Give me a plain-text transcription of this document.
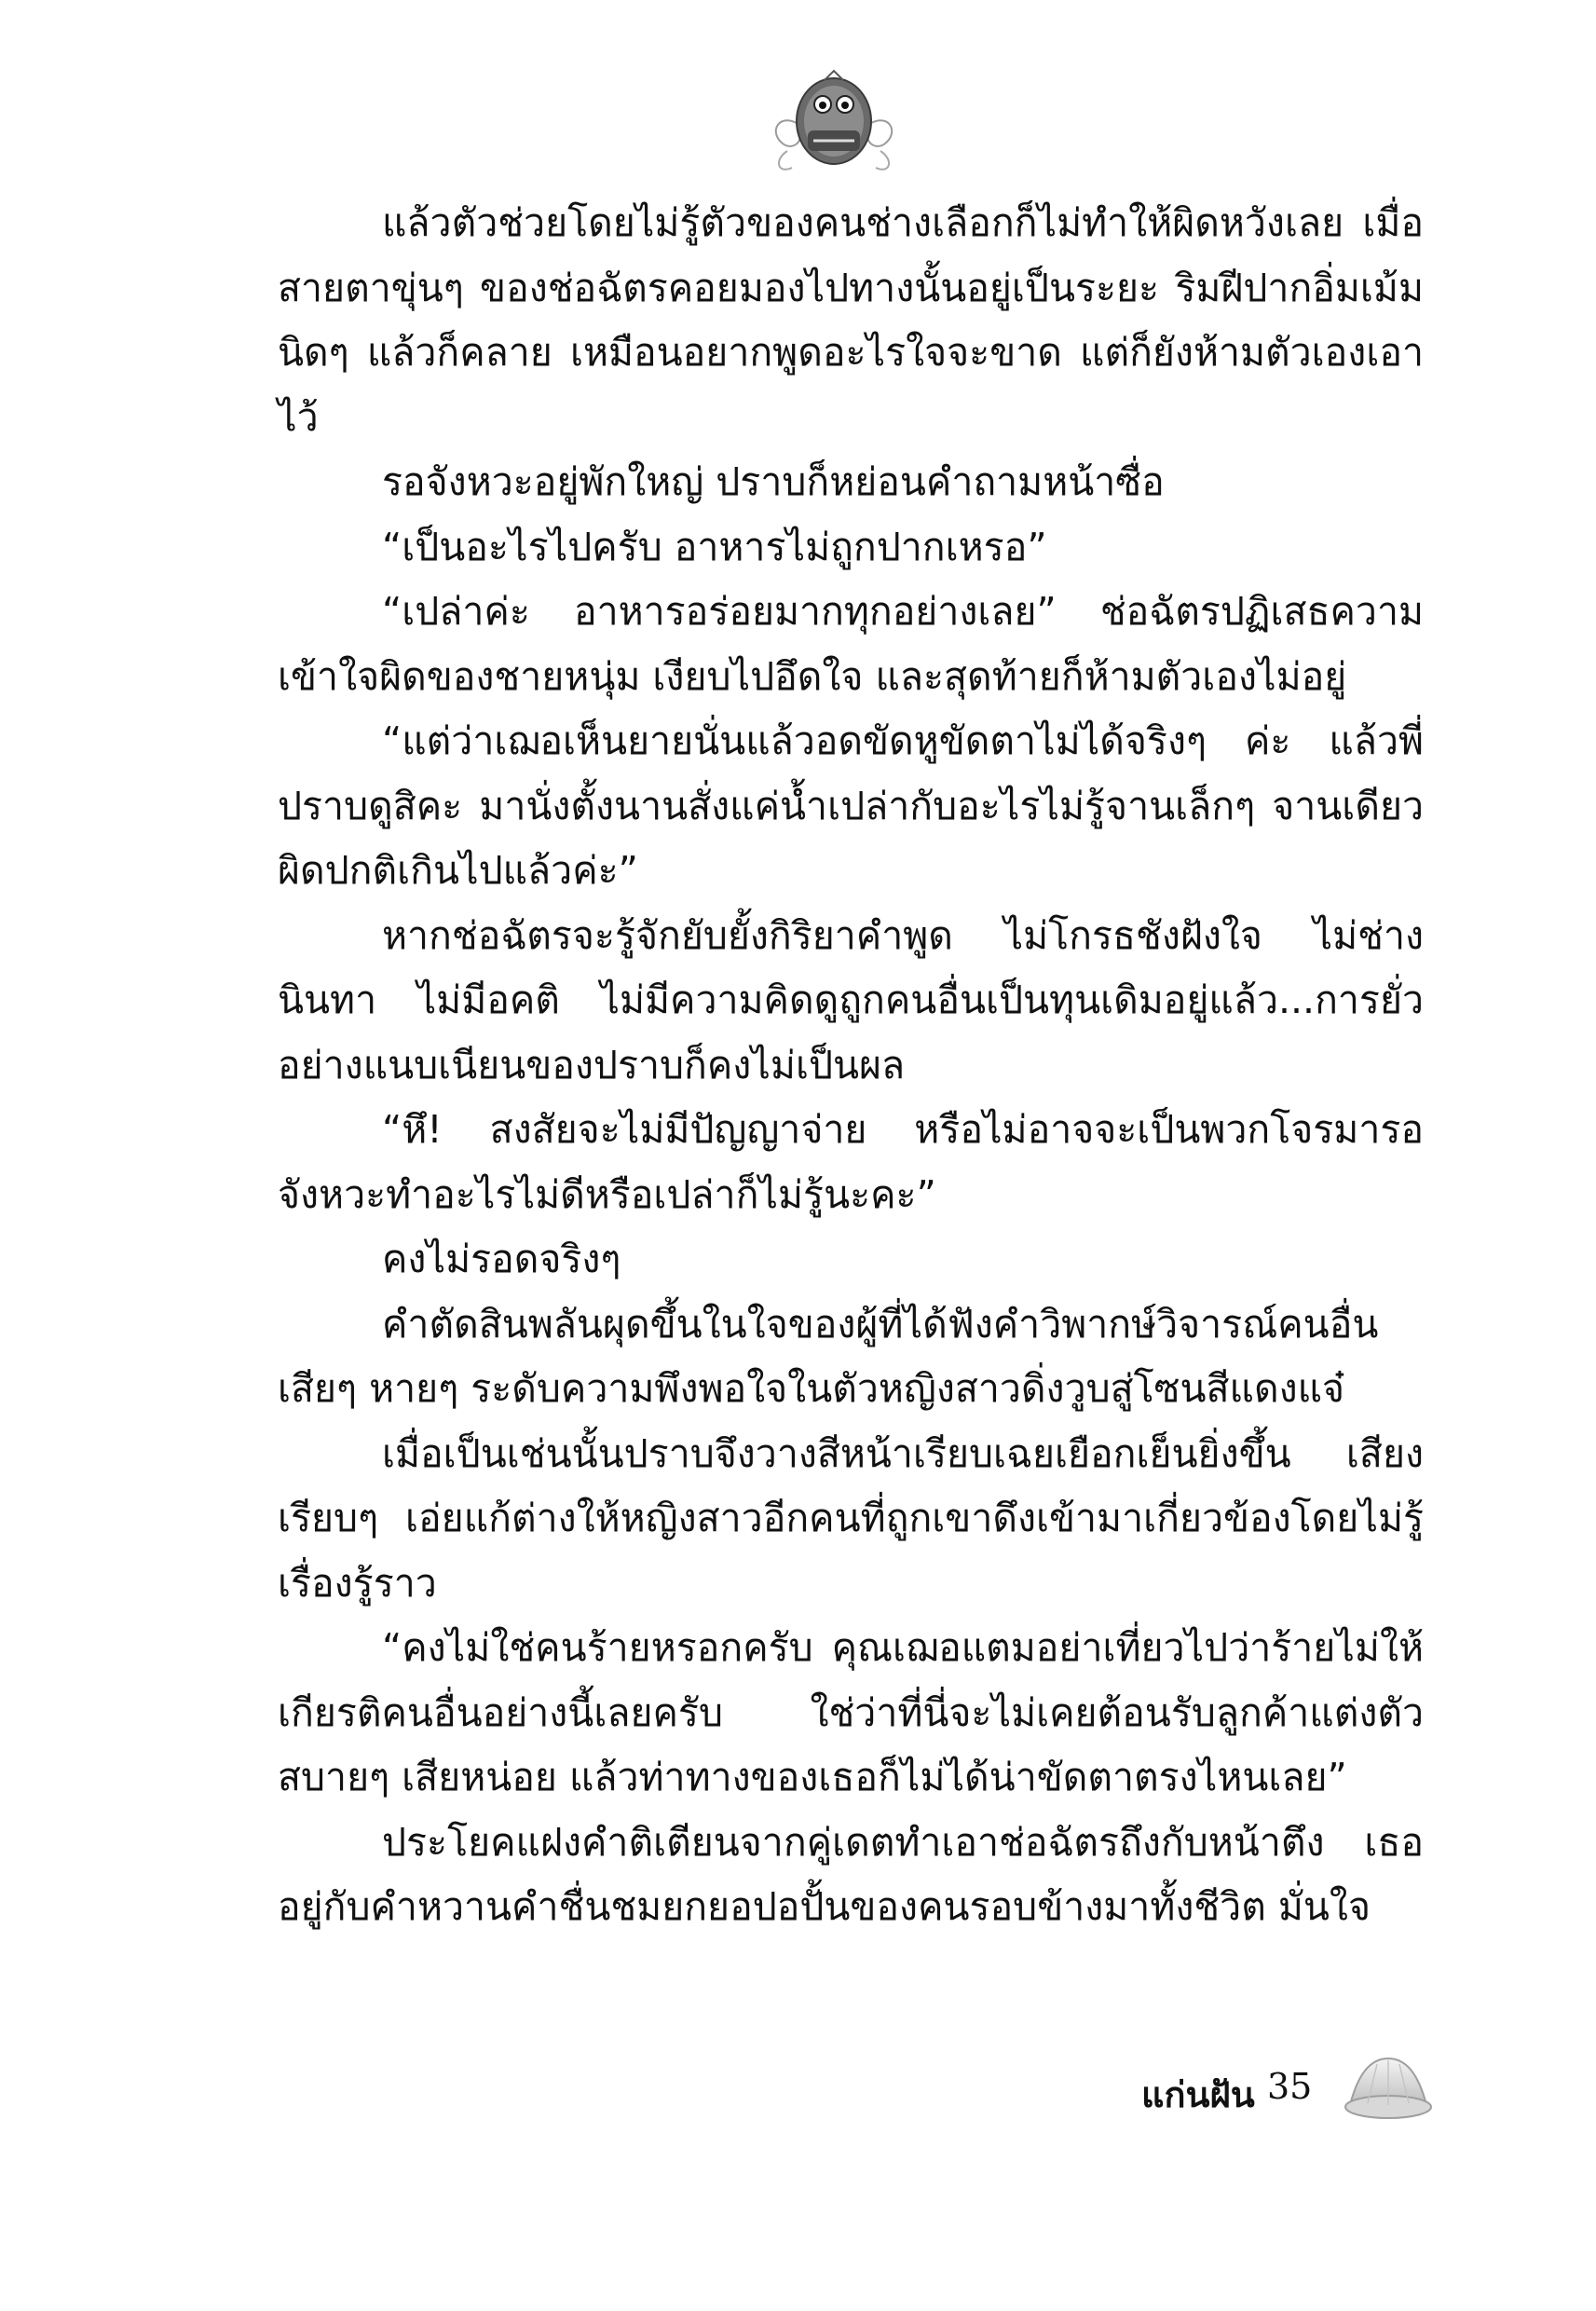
แล้วตัวช่วยโดยไม่รู้ตัวของคนช่างเลือกก็ไม่ทำให้ผิดหวังเลย เมื่อสายตาขุ่นๆ ของช่อฉัตรคอยมองไปทางนั้นอยู่เป็นระยะ ริมฝีปากอิ่มเม้มนิดๆ แล้วก็คลาย เหมือนอยากพูดอะไรใจจะขาด แต่ก็ยังห้ามตัวเองเอาไว้

รอจังหวะอยู่พักใหญ่ ปราบก็หย่อนคำถามหน้าซื่อ

“เป็นอะไรไปครับ อาหารไม่ถูกปากเหรอ”

“เปล่าค่ะ อาหารอร่อยมากทุกอย่างเลย” ช่อฉัตรปฏิเสธความเข้าใจผิดของชายหนุ่ม เงียบไปอึดใจ และสุดท้ายก็ห้ามตัวเองไม่อยู่

“แต่ว่าเฌอเห็นยายนั่นแล้วอดขัดหูขัดตาไม่ได้จริงๆ ค่ะ แล้วพี่ปราบดูสิคะ มานั่งตั้งนานสั่งแค่น้ำเปล่ากับอะไรไม่รู้จานเล็กๆ จานเดียว ผิดปกติเกินไปแล้วค่ะ”

หากช่อฉัตรจะรู้จักยับยั้งกิริยาคำพูด ไม่โกรธชังฝังใจ ไม่ช่างนินทา ไม่มีอคติ ไม่มีความคิดดูถูกคนอื่นเป็นทุนเดิมอยู่แล้ว...การยั่วอย่างแนบเนียนของปราบก็คงไม่เป็นผล

“หึ! สงสัยจะไม่มีปัญญาจ่าย หรือไม่อาจจะเป็นพวกโจรมารอจังหวะทำอะไรไม่ดีหรือเปล่าก็ไม่รู้นะคะ”

คงไม่รอดจริงๆ

คำตัดสินพลันผุดขึ้นในใจของผู้ที่ได้ฟังคำวิพากษ์วิจารณ์คนอื่นเสียๆ หายๆ ระดับความพึงพอใจในตัวหญิงสาวดิ่งวูบสู่โซนสีแดงแจ๋

เมื่อเป็นเช่นนั้นปราบจึงวางสีหน้าเรียบเฉยเยือกเย็นยิ่งขึ้น เสียงเรียบๆ เอ่ยแก้ต่างให้หญิงสาวอีกคนที่ถูกเขาดึงเข้ามาเกี่ยวข้องโดยไม่รู้เรื่องรู้ราว

“คงไม่ใช่คนร้ายหรอกครับ คุณเฌอแตมอย่าเที่ยวไปว่าร้ายไม่ให้เกียรติคนอื่นอย่างนี้เลยครับ ใช่ว่าที่นี่จะไม่เคยต้อนรับลูกค้าแต่งตัวสบายๆ เสียหน่อย แล้วท่าทางของเธอก็ไม่ได้น่าขัดตาตรงไหนเลย”

ประโยคแฝงคำติเตียนจากคู่เดตทำเอาช่อฉัตรถึงกับหน้าตึง เธออยู่กับคำหวานคำชื่นชมยกยอปอปั้นของคนรอบข้างมาทั้งชีวิต มั่นใจ

แก่นฝัน 35
